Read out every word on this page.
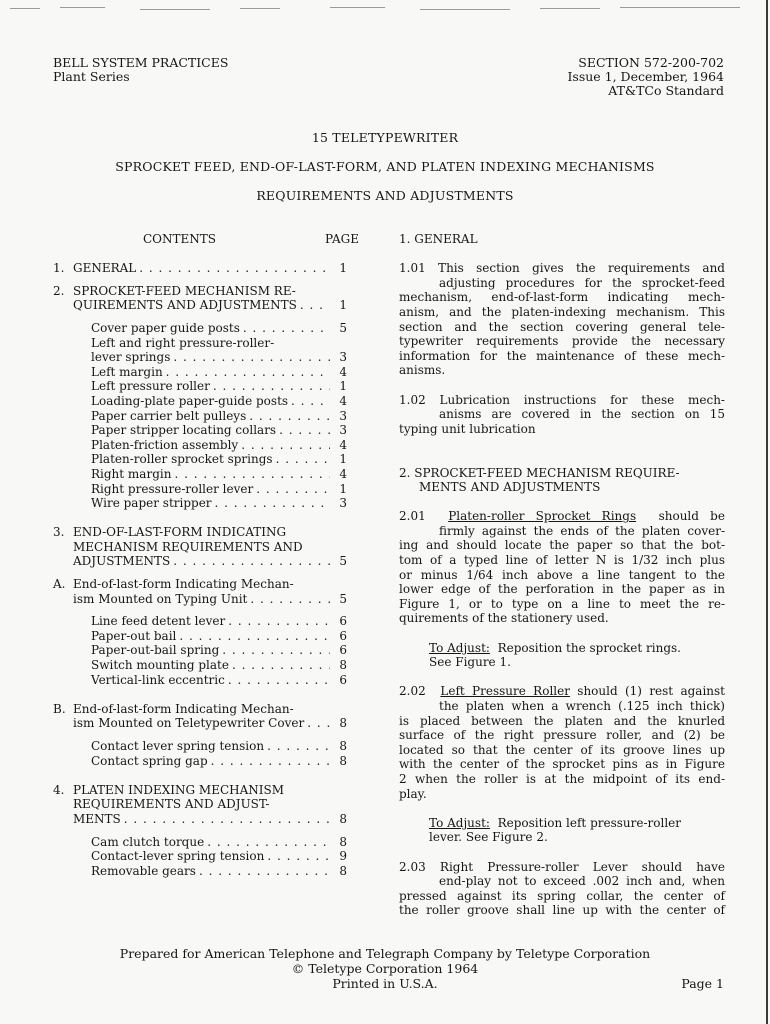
BELL SYSTEM PRACTICES
Plant Series
SECTION 572-200-702
Issue 1, December, 1964
AT&TCo Standard
15 TELETYPEWRITER
SPROCKET FEED, END-OF-LAST-FORM, AND PLATEN INDEXING MECHANISMS
REQUIREMENTS AND ADJUSTMENTS
CONTENTS	PAGE
1. GENERAL . . .	1
2. SPROCKET-FEED MECHANISM RE-
QUIREMENTS AND ADJUSTMENTS . . .	1
Cover paper guide posts . . .	5
Left and right pressure-roller-
lever springs . . .	3
Left margin . . .	4
Left pressure roller . . .	1
Loading-plate paper-guide posts . . .	4
Paper carrier belt pulleys . . .	3
Paper stripper locating collars . . .	3
Platen-friction assembly . . .	4
Platen-roller sprocket springs . . .	1
Right margin . . .	4
Right pressure-roller lever . . .	1
Wire paper stripper . . .	3
3. END-OF-LAST-FORM INDICATING
MECHANISM REQUIREMENTS AND
ADJUSTMENTS . . .	5
A. End-of-last-form Indicating Mechan-
ism Mounted on Typing Unit . . .	5
Line feed detent lever . . .	6
Paper-out bail . . .	6
Paper-out-bail spring . . .	6
Switch mounting plate . . .	8
Vertical-link eccentric . . .	6
B. End-of-last-form Indicating Mechan-
ism Mounted on Teletypewriter Cover . . .	8
Contact lever spring tension . . .	8
Contact spring gap . . .	8
4. PLATEN INDEXING MECHANISM
REQUIREMENTS AND ADJUST-
MENTS . . .	8
Cam clutch torque . . .	8
Contact-lever spring tension . . .	9
Removable gears . . .	8
1. GENERAL
1.01 This section gives the requirements and
adjusting procedures for the sprocket-feed
mechanism, end-of-last-form indicating mech-
anism, and the platen-indexing mechanism. This
section and the section covering general tele-
typewriter requirements provide the necessary
information for the maintenance of these mech-
anisms.
1.02 Lubrication instructions for these mech-
anisms are covered in the section on 15
typing unit lubrication
2. SPROCKET-FEED MECHANISM REQUIRE-
MENTS AND ADJUSTMENTS
2.01 Platen-roller Sprocket Rings should be
firmly against the ends of the platen cover-
ing and should locate the paper so that the bot-
tom of a typed line of letter N is 1/32 inch plus
or minus 1/64 inch above a line tangent to the
lower edge of the perforation in the paper as in
Figure 1, or to type on a line to meet the re-
quirements of the stationery used.
To Adjust: Reposition the sprocket rings.
See Figure 1.
2.02 Left Pressure Roller should (1) rest against
the platen when a wrench (.125 inch thick)
is placed between the platen and the knurled
surface of the right pressure roller, and (2) be
located so that the center of its groove lines up
with the center of the sprocket pins as in Figure
2 when the roller is at the midpoint of its end-
play.
To Adjust: Reposition left pressure-roller
lever. See Figure 2.
2.03 Right Pressure-roller Lever should have
end-play not to exceed .002 inch and, when
pressed against its spring collar, the center of
the roller groove shall line up with the center of
Prepared for American Telephone and Telegraph Company by Teletype Corporation
© Teletype Corporation 1964
Printed in U.S.A.	Page 1
